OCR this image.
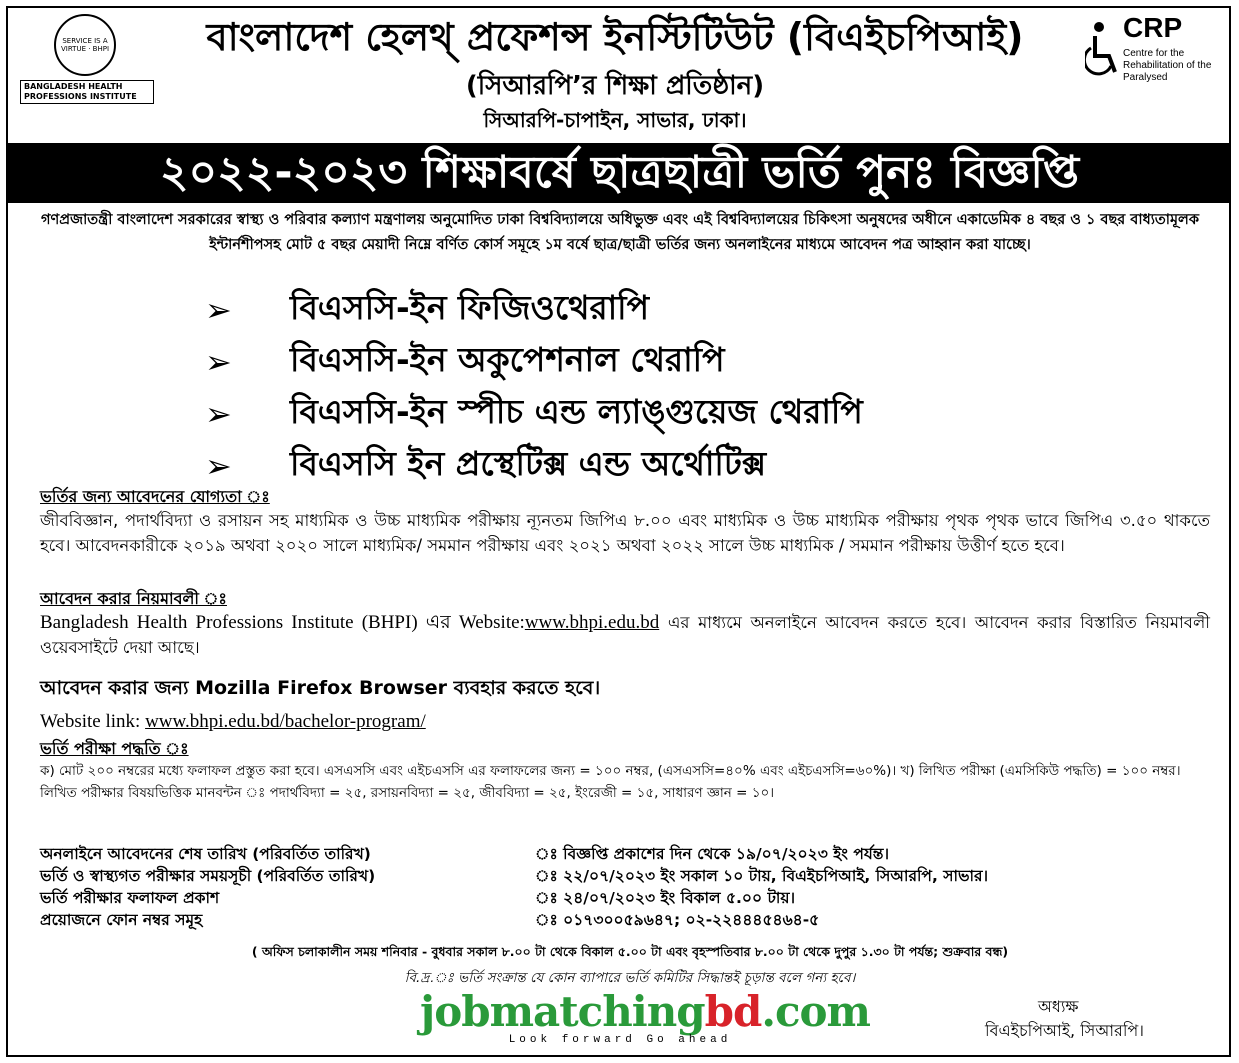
SERVICE IS A VIRTUE · BHPI
BANGLADESH HEALTH PROFESSIONS INSTITUTE
বাংলাদেশ হেলথ্ প্রফেশন্স ইনস্টিটিউট (বিএইচপিআই)
(সিআরপি’র শিক্ষা প্রতিষ্ঠান)
সিআরপি-চাপাইন, সাভার, ঢাকা।
CRP
Centre for the Rehabilitation of the Paralysed
২০২২-২০২৩ শিক্ষাবর্ষে ছাত্রছাত্রী ভর্তি পুনঃ বিজ্ঞপ্তি
গণপ্রজাতন্ত্রী বাংলাদেশ সরকারের স্বাস্থ্য ও পরিবার কল্যাণ মন্ত্রণালয় অনুমোদিত ঢাকা বিশ্ববিদ্যালয়ে অধিভুক্ত এবং এই বিশ্ববিদ্যালয়ের চিকিৎসা অনুষদের অধীনে একাডেমিক ৪ বছর ও ১ বছর বাধ্যতামূলক ইন্টার্নশীপসহ মোট ৫ বছর মেয়াদী নিম্নে বর্ণিত কোর্স সমূহে ১ম বর্ষে ছাত্র/ছাত্রী ভর্তির জন্য অনলাইনের মাধ্যমে আবেদন পত্র আহ্বান করা যাচ্ছে।
➢	বিএসসি-ইন ফিজিওথেরাপি
➢	বিএসসি-ইন অকুপেশনাল থেরাপি
➢	বিএসসি-ইন স্পীচ এন্ড ল্যাঙ্গুয়েজ থেরাপি
➢	বিএসসি ইন প্রস্থেটিক্স এন্ড অর্থোটিক্স
ভর্তির জন্য আবেদনের যোগ্যতা ঃ
জীববিজ্ঞান, পদার্থবিদ্যা ও রসায়ন সহ মাধ্যমিক ও উচ্চ মাধ্যমিক পরীক্ষায় ন্যূনতম জিপিএ ৮.০০ এবং মাধ্যমিক ও উচ্চ মাধ্যমিক পরীক্ষায় পৃথক পৃথক ভাবে জিপিএ ৩.৫০ থাকতে হবে। আবেদনকারীকে ২০১৯ অথবা ২০২০ সালে মাধ্যমিক/ সমমান পরীক্ষায় এবং ২০২১ অথবা ২০২২ সালে উচ্চ মাধ্যমিক / সমমান পরীক্ষায় উত্তীর্ণ হতে হবে।
আবেদন করার নিয়মাবলী ঃ
Bangladesh Health Professions Institute (BHPI) এর Website:www.bhpi.edu.bd এর মাধ্যমে অনলাইনে আবেদন করতে হবে। আবেদন করার বিস্তারিত নিয়মাবলী ওয়েবসাইটে দেয়া আছে।
আবেদন করার জন্য Mozilla Firefox Browser ব্যবহার করতে হবে।
Website link: www.bhpi.edu.bd/bachelor-program/
ভর্তি পরীক্ষা পদ্ধতি ঃ
ক) মোট ২০০ নম্বরের মধ্যে ফলাফল প্রস্তুত করা হবে। এসএসসি এবং এইচএসসি এর ফলাফলের জন্য = ১০০ নম্বর, (এসএসসি=৪০% এবং এইচএসসি=৬০%)। খ) লিখিত পরীক্ষা (এমসিকিউ পদ্ধতি) = ১০০ নম্বর।
লিখিত পরীক্ষার বিষয়ভিত্তিক মানবন্টন ঃ পদার্থবিদ্যা = ২৫, রসায়নবিদ্যা = ২৫, জীববিদ্যা = ২৫, ইংরেজী = ১৫, সাধারণ জ্ঞান = ১০।
অনলাইনে আবেদনের শেষ তারিখ (পরিবর্তিত তারিখ)	ঃ বিজ্ঞপ্তি প্রকাশের দিন থেকে ১৯/০৭/২০২৩ ইং পর্যন্ত।
ভর্তি ও স্বাস্থ্যগত পরীক্ষার সময়সূচী (পরিবর্তিত তারিখ)	ঃ ২২/০৭/২০২৩ ইং সকাল ১০ টায়, বিএইচপিআই, সিআরপি, সাভার।
ভর্তি পরীক্ষার ফলাফল প্রকাশ	ঃ ২৪/০৭/২০২৩ ইং বিকাল ৫.০০ টায়।
প্রয়োজনে ফোন নম্বর সমূহ	ঃ ০১৭৩০০৫৯৬৪৭; ০২-২২৪৪৪৫৪৬৪-৫
( অফিস চলাকালীন সময় শনিবার - বুধবার সকাল ৮.০০ টা থেকে বিকাল ৫.০০ টা এবং বৃহস্পতিবার ৮.০০ টা থেকে দুপুর ১.৩০ টা পর্যন্ত; শুক্রবার বন্ধ)
বি.দ্র.ঃ ভর্তি সংক্রান্ত যে কোন ব্যাপারে ভর্তি কমিটির সিদ্ধান্তই চূড়ান্ত বলে গন্য হবে।
jobmatchingbd.com
Look forward Go ahead
অধ্যক্ষ
বিএইচপিআই, সিআরপি।
